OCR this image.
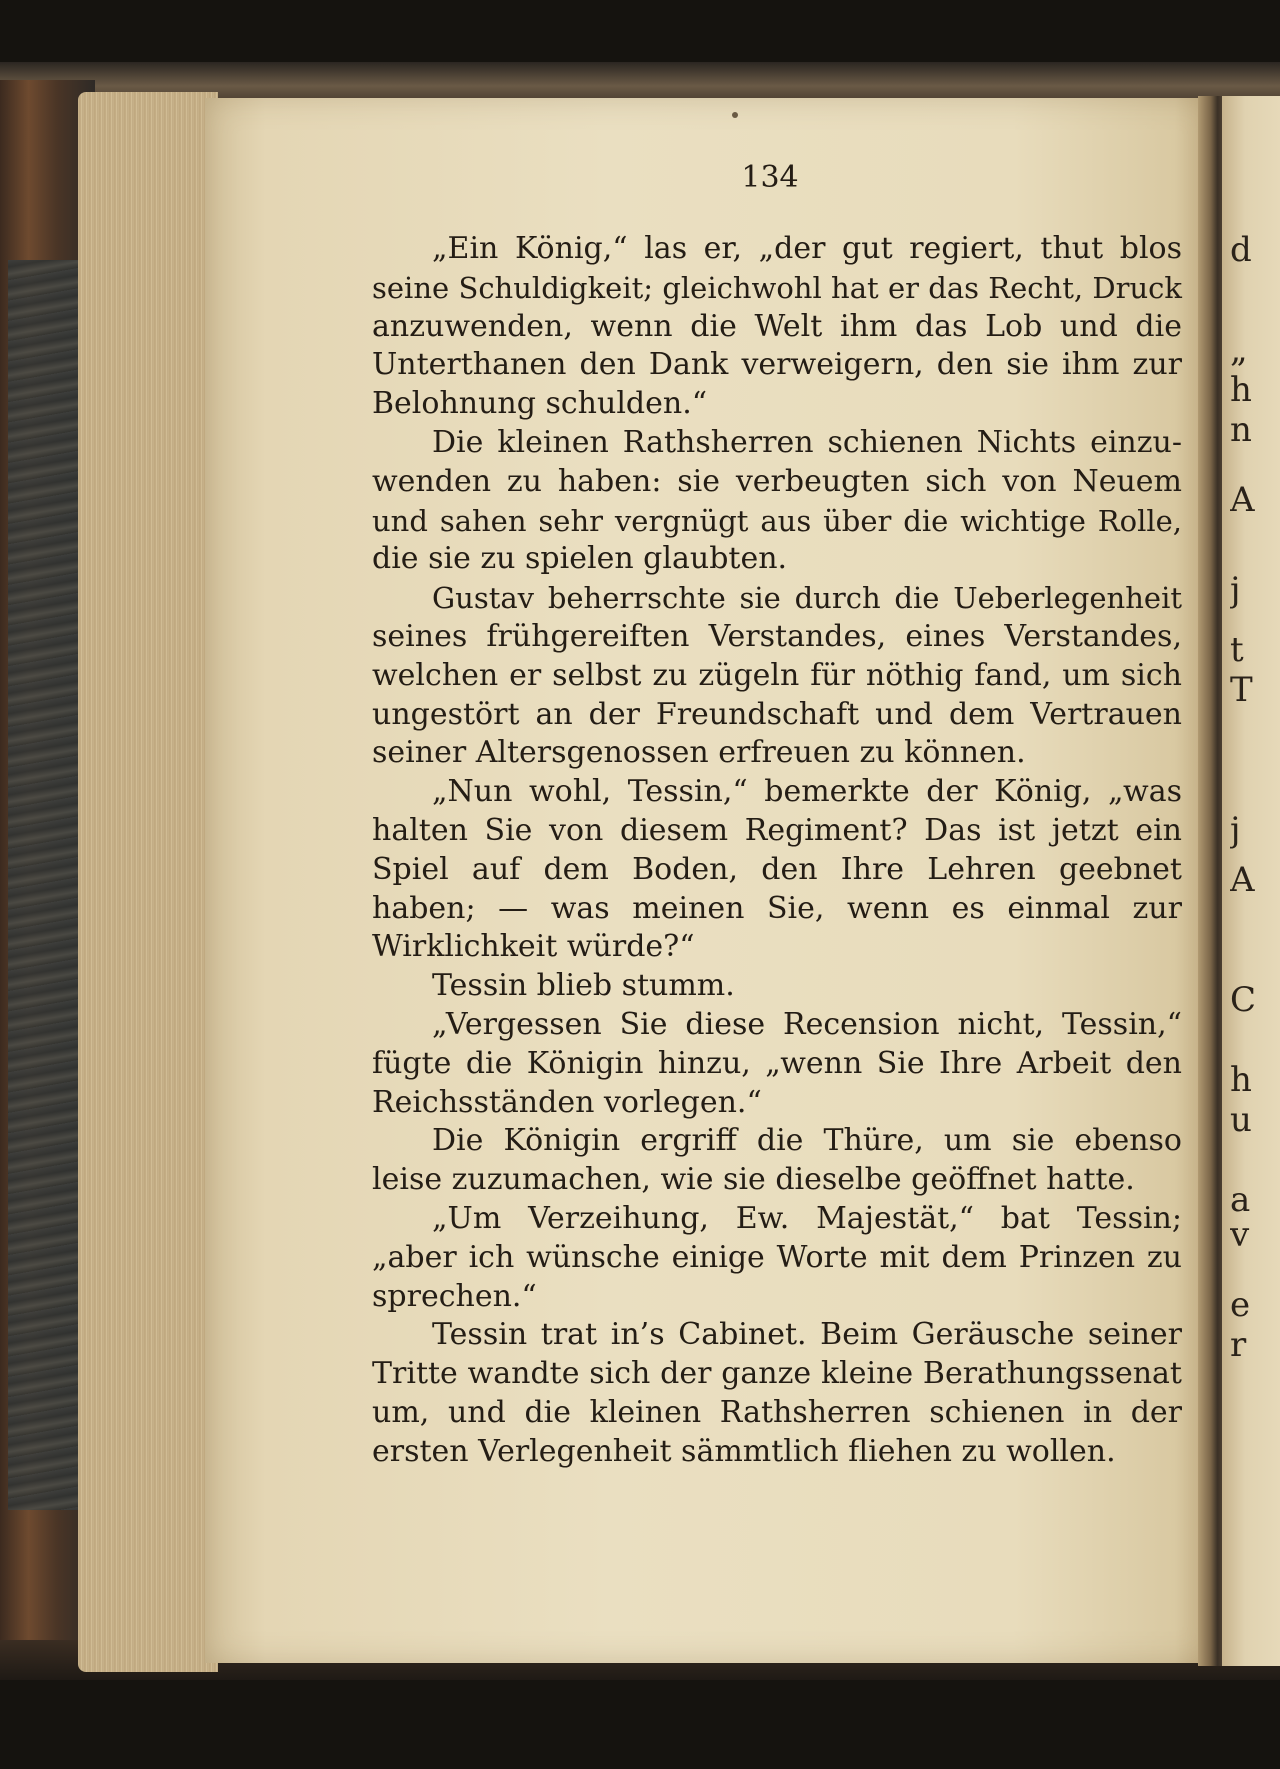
134
„Ein König,“ las er, „der gut regiert, thut blos
seine Schuldigkeit; gleichwohl hat er das Recht, Druck
anzuwenden, wenn die Welt ihm das Lob und die
Unterthanen den Dank verweigern, den sie ihm zur
Belohnung schulden.“
Die kleinen Rathsherren schienen Nichts einzu-
wenden zu haben: sie verbeugten sich von Neuem
und sahen sehr vergnügt aus über die wichtige Rolle,
die sie zu spielen glaubten.
Gustav beherrschte sie durch die Ueberlegenheit
seines frühgereiften Verstandes, eines Verstandes,
welchen er selbst zu zügeln für nöthig fand, um sich
ungestört an der Freundschaft und dem Vertrauen
seiner Altersgenossen erfreuen zu können.
„Nun wohl, Tessin,“ bemerkte der König, „was
halten Sie von diesem Regiment? Das ist jetzt ein
Spiel auf dem Boden, den Ihre Lehren geebnet
haben; — was meinen Sie, wenn es einmal zur
Wirklichkeit würde?“
Tessin blieb stumm.
„Vergessen Sie diese Recension nicht, Tessin,“
fügte die Königin hinzu, „wenn Sie Ihre Arbeit den
Reichsständen vorlegen.“
Die Königin ergriff die Thüre, um sie ebenso
leise zuzumachen, wie sie dieselbe geöffnet hatte.
„Um Verzeihung, Ew. Majestät,“ bat Tessin;
„aber ich wünsche einige Worte mit dem Prinzen zu
sprechen.“
Tessin trat in’s Cabinet. Beim Geräusche seiner
Tritte wandte sich der ganze kleine Berathungssenat
um, und die kleinen Rathsherren schienen in der
ersten Verlegenheit sämmtlich fliehen zu wollen.
d
„
h
n
A
j
t
T
j
A
C
h
u
a
v
e
r
